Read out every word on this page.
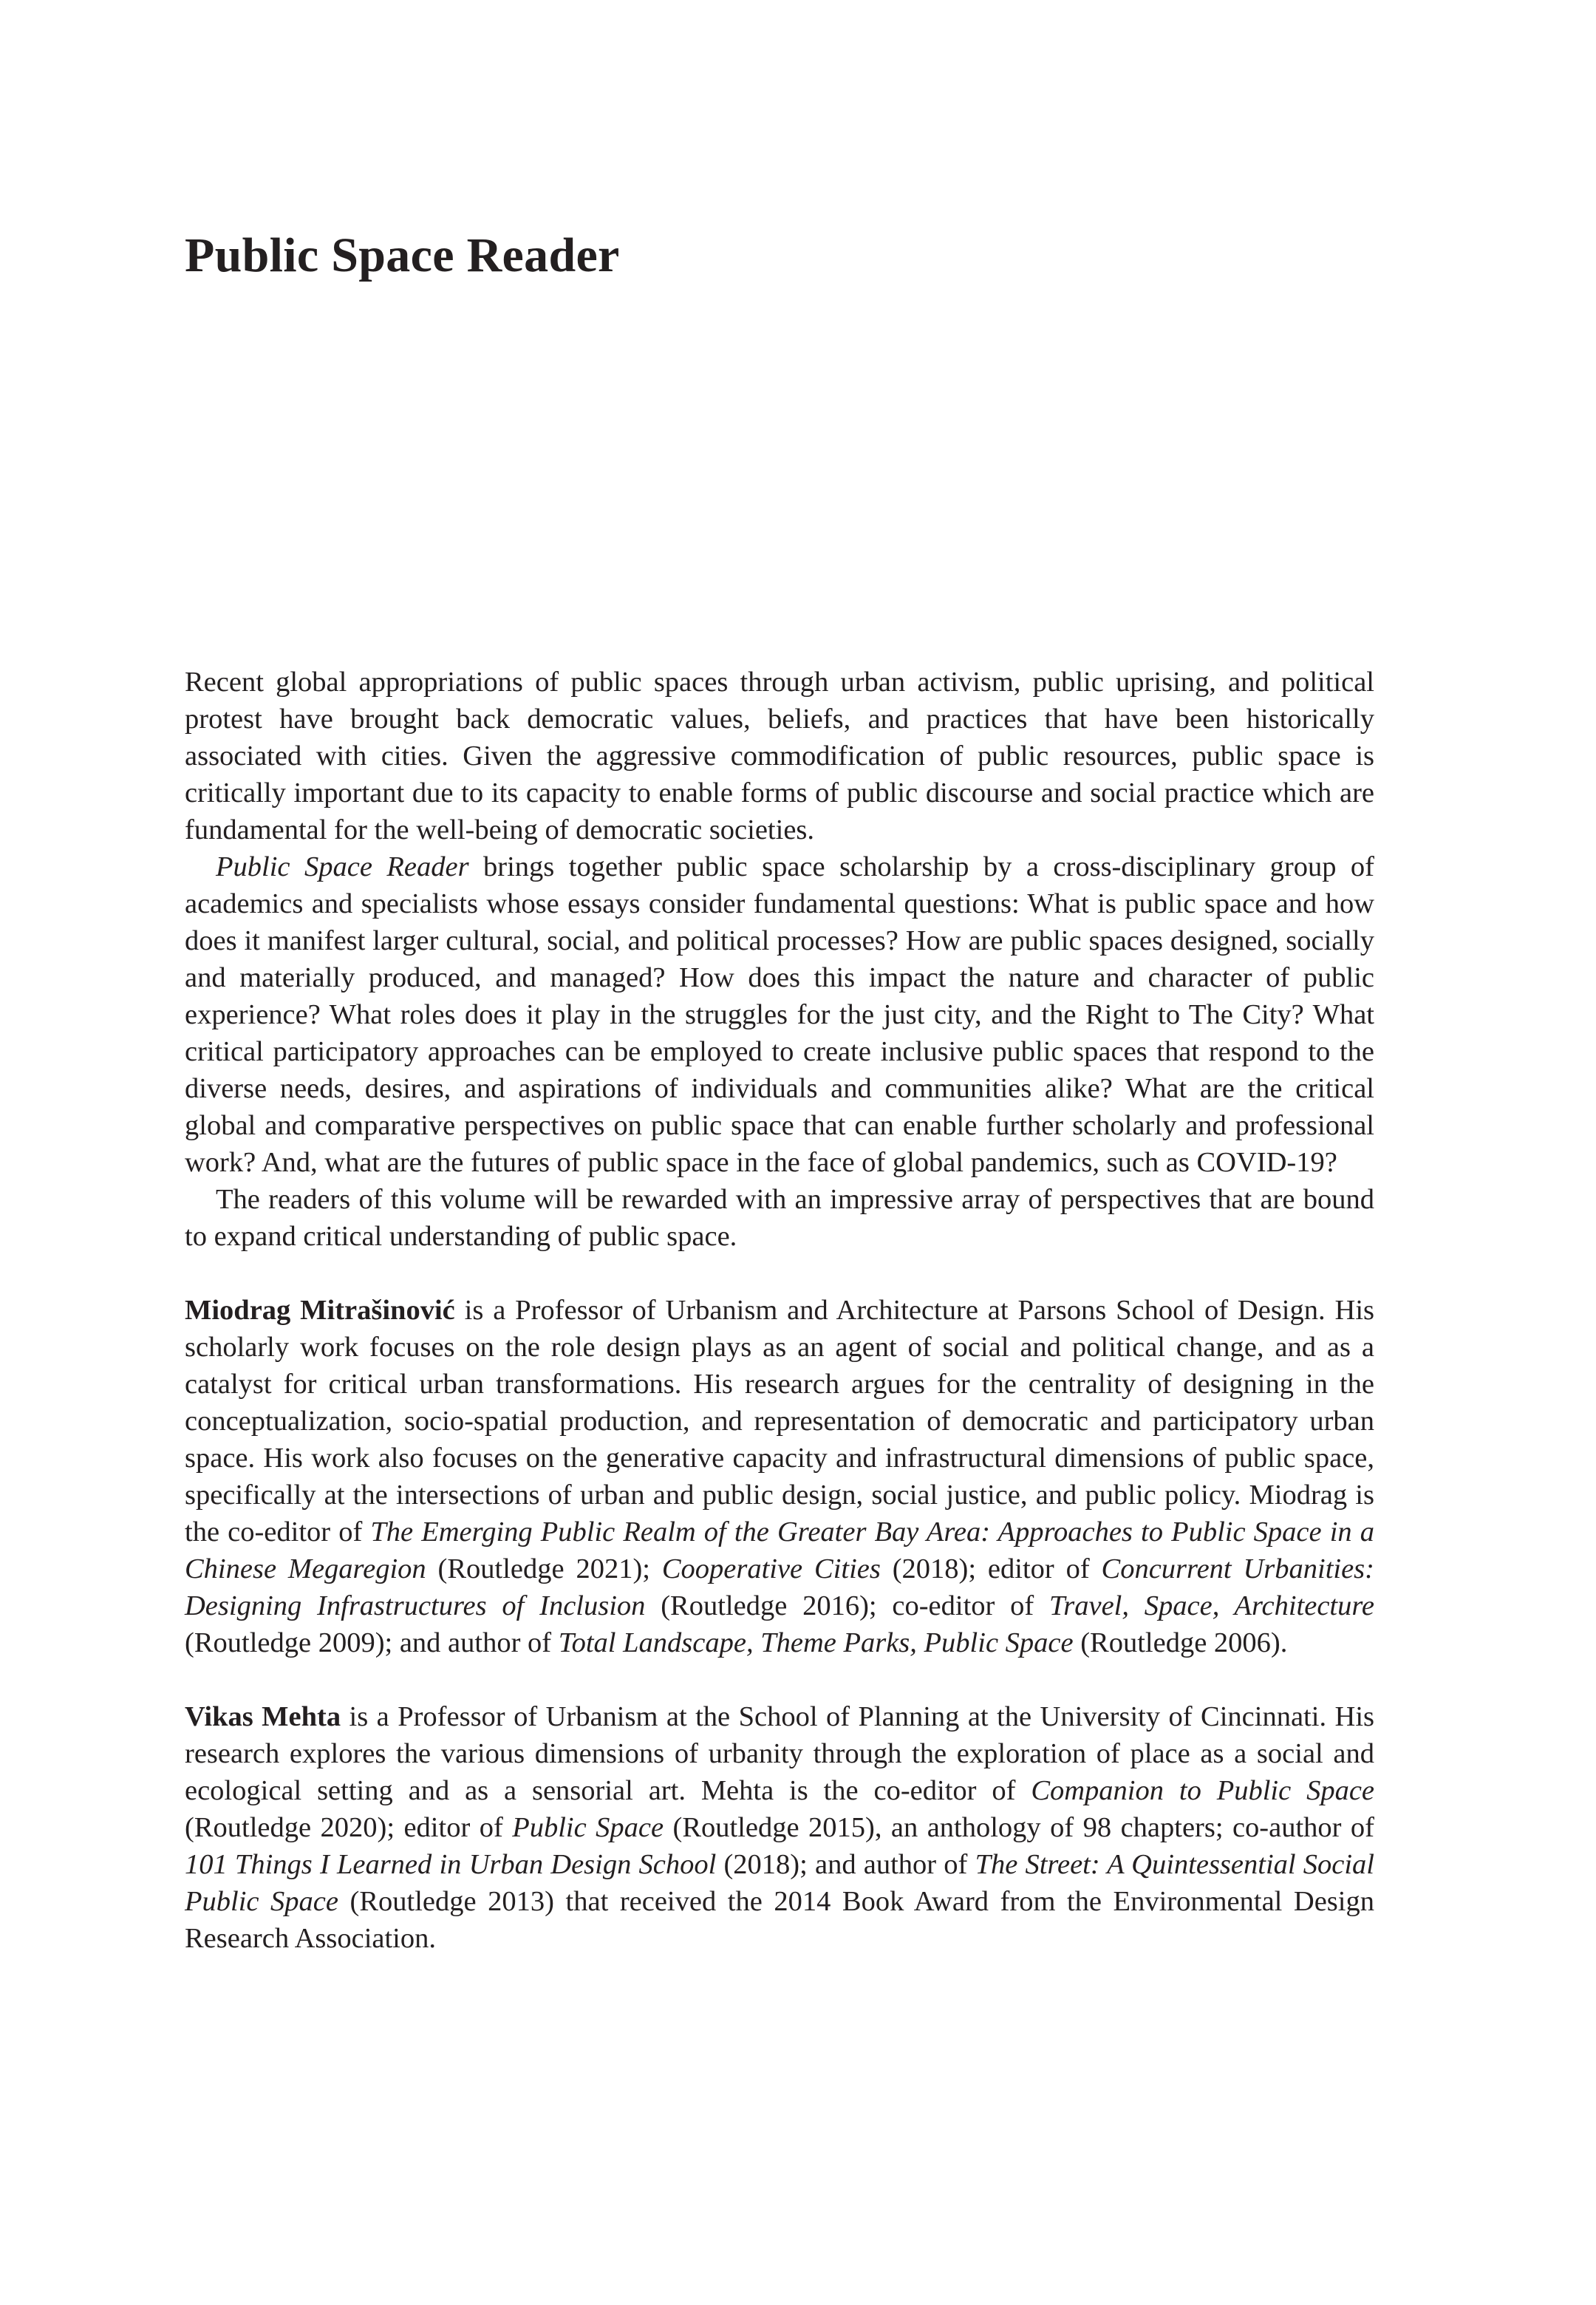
Public Space Reader

Recent global appropriations of public spaces through urban activism, public uprising, and political protest have brought back democratic values, beliefs, and practices that have been historically associated with cities. Given the aggressive commodification of public resources, public space is critically important due to its capacity to enable forms of public discourse and social practice which are fundamental for the well-being of democratic societies.

Public Space Reader brings together public space scholarship by a cross-disciplinary group of academics and specialists whose essays consider fundamental questions: What is public space and how does it manifest larger cultural, social, and political processes? How are public spaces designed, socially and materially produced, and managed? How does this impact the nature and character of public experience? What roles does it play in the struggles for the just city, and the Right to The City? What critical participatory approaches can be employed to create inclusive public spaces that respond to the diverse needs, desires, and aspirations of individuals and communities alike? What are the critical global and comparative perspectives on public space that can enable further scholarly and professional work? And, what are the futures of public space in the face of global pandemics, such as COVID-19?

The readers of this volume will be rewarded with an impressive array of perspectives that are bound to expand critical understanding of public space.

Miodrag Mitrašinović is a Professor of Urbanism and Architecture at Parsons School of Design. His scholarly work focuses on the role design plays as an agent of social and political change, and as a catalyst for critical urban transformations. His research argues for the centrality of designing in the conceptualization, socio-spatial production, and representation of democratic and participatory urban space. His work also focuses on the generative capacity and infrastructural dimensions of public space, specifically at the intersections of urban and public design, social justice, and public policy. Miodrag is the co-editor of The Emerging Public Realm of the Greater Bay Area: Approaches to Public Space in a Chinese Megaregion (Routledge 2021); Cooperative Cities (2018); editor of Concurrent Urbanities: Designing Infrastructures of Inclusion (Routledge 2016); co-editor of Travel, Space, Architecture (Routledge 2009); and author of Total Landscape, Theme Parks, Public Space (Routledge 2006).

Vikas Mehta is a Professor of Urbanism at the School of Planning at the University of Cincinnati. His research explores the various dimensions of urbanity through the exploration of place as a social and ecological setting and as a sensorial art. Mehta is the co-editor of Companion to Public Space (Routledge 2020); editor of Public Space (Routledge 2015), an anthology of 98 chapters; co-author of 101 Things I Learned in Urban Design School (2018); and author of The Street: A Quintessential Social Public Space (Routledge 2013) that received the 2014 Book Award from the Environmental Design Research Association.
